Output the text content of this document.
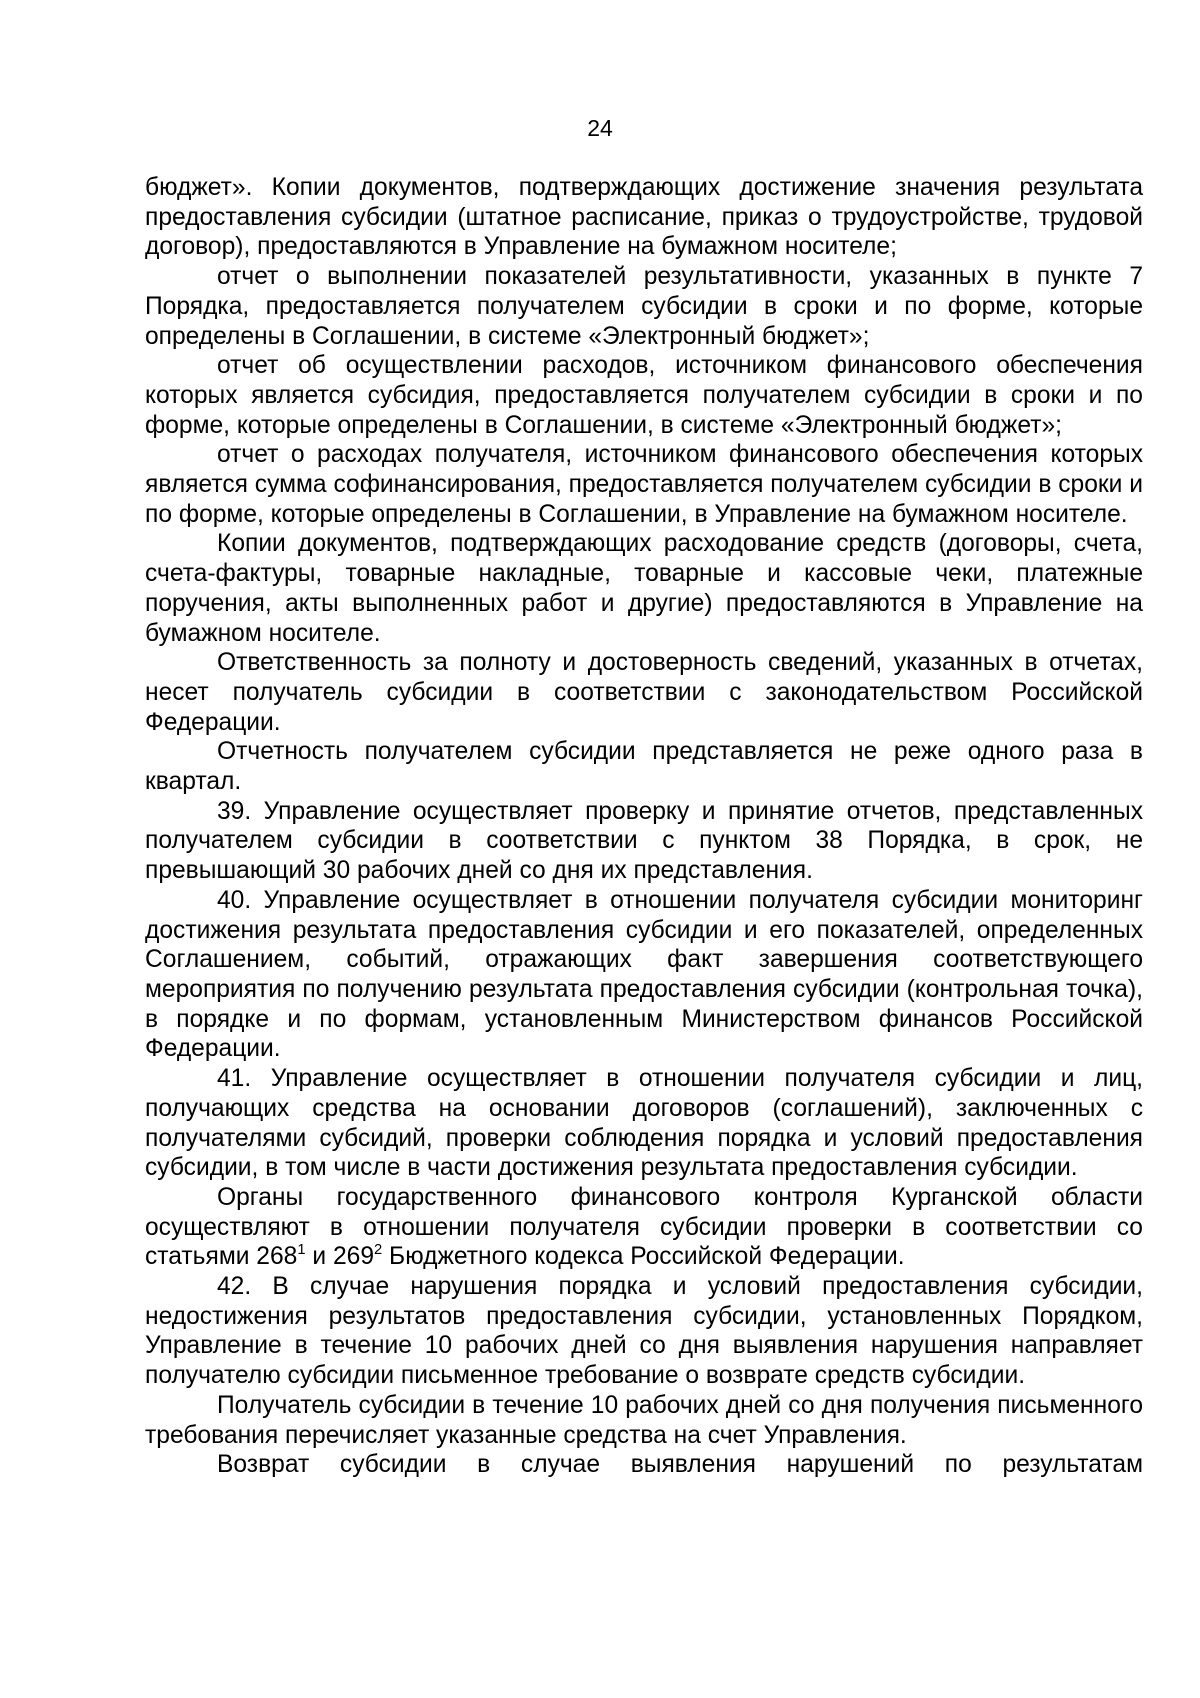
24

бюджет». Копии документов, подтверждающих достижение значения результата предоставления субсидии (штатное расписание, приказ о трудоустройстве, трудовой договор), предоставляются в Управление на бумажном носителе;

отчет о выполнении показателей результативности, указанных в пункте 7 Порядка, предоставляется получателем субсидии в сроки и по форме, которые определены в Соглашении, в системе «Электронный бюджет»;

отчет об осуществлении расходов, источником финансового обеспечения которых является субсидия, предоставляется получателем субсидии в сроки и по форме, которые определены в Соглашении, в системе «Электронный бюджет»;

отчет о расходах получателя, источником финансового обеспечения которых является сумма софинансирования, предоставляется получателем субсидии в сроки и по форме, которые определены в Соглашении, в Управление на бумажном носителе.

Копии документов, подтверждающих расходование средств (договоры, счета, счета-фактуры, товарные накладные, товарные и кассовые чеки, платежные поручения, акты выполненных работ и другие) предоставляются в Управление на бумажном носителе.

Ответственность за полноту и достоверность сведений, указанных в отчетах, несет получатель субсидии в соответствии с законодательством Российской Федерации.

Отчетность получателем субсидии представляется не реже одного раза в квартал.

39. Управление осуществляет проверку и принятие отчетов, представленных получателем субсидии в соответствии с пунктом 38 Порядка, в срок, не превышающий 30 рабочих дней со дня их представления.

40. Управление осуществляет в отношении получателя субсидии мониторинг достижения результата предоставления субсидии и его показателей, определенных Соглашением, событий, отражающих факт завершения соответствующего мероприятия по получению результата предоставления субсидии (контрольная точка), в порядке и по формам, установленным Министерством финансов Российской Федерации.

41. Управление осуществляет в отношении получателя субсидии и лиц, получающих средства на основании договоров (соглашений), заключенных с получателями субсидий, проверки соблюдения порядка и условий предоставления субсидии, в том числе в части достижения результата предоставления субсидии.

Органы государственного финансового контроля Курганской области осуществляют в отношении получателя субсидии проверки в соответствии со статьями $268^1$ и $269^2$ Бюджетного кодекса Российской Федерации.

42. В случае нарушения порядка и условий предоставления субсидии, недостижения результатов предоставления субсидии, установленных Порядком, Управление в течение 10 рабочих дней со дня выявления нарушения направляет получателю субсидии письменное требование о возврате средств субсидии.

Получатель субсидии в течение 10 рабочих дней со дня получения письменного требования перечисляет указанные средства на счет Управления.

Возврат субсидии в случае выявления нарушений по результатам
